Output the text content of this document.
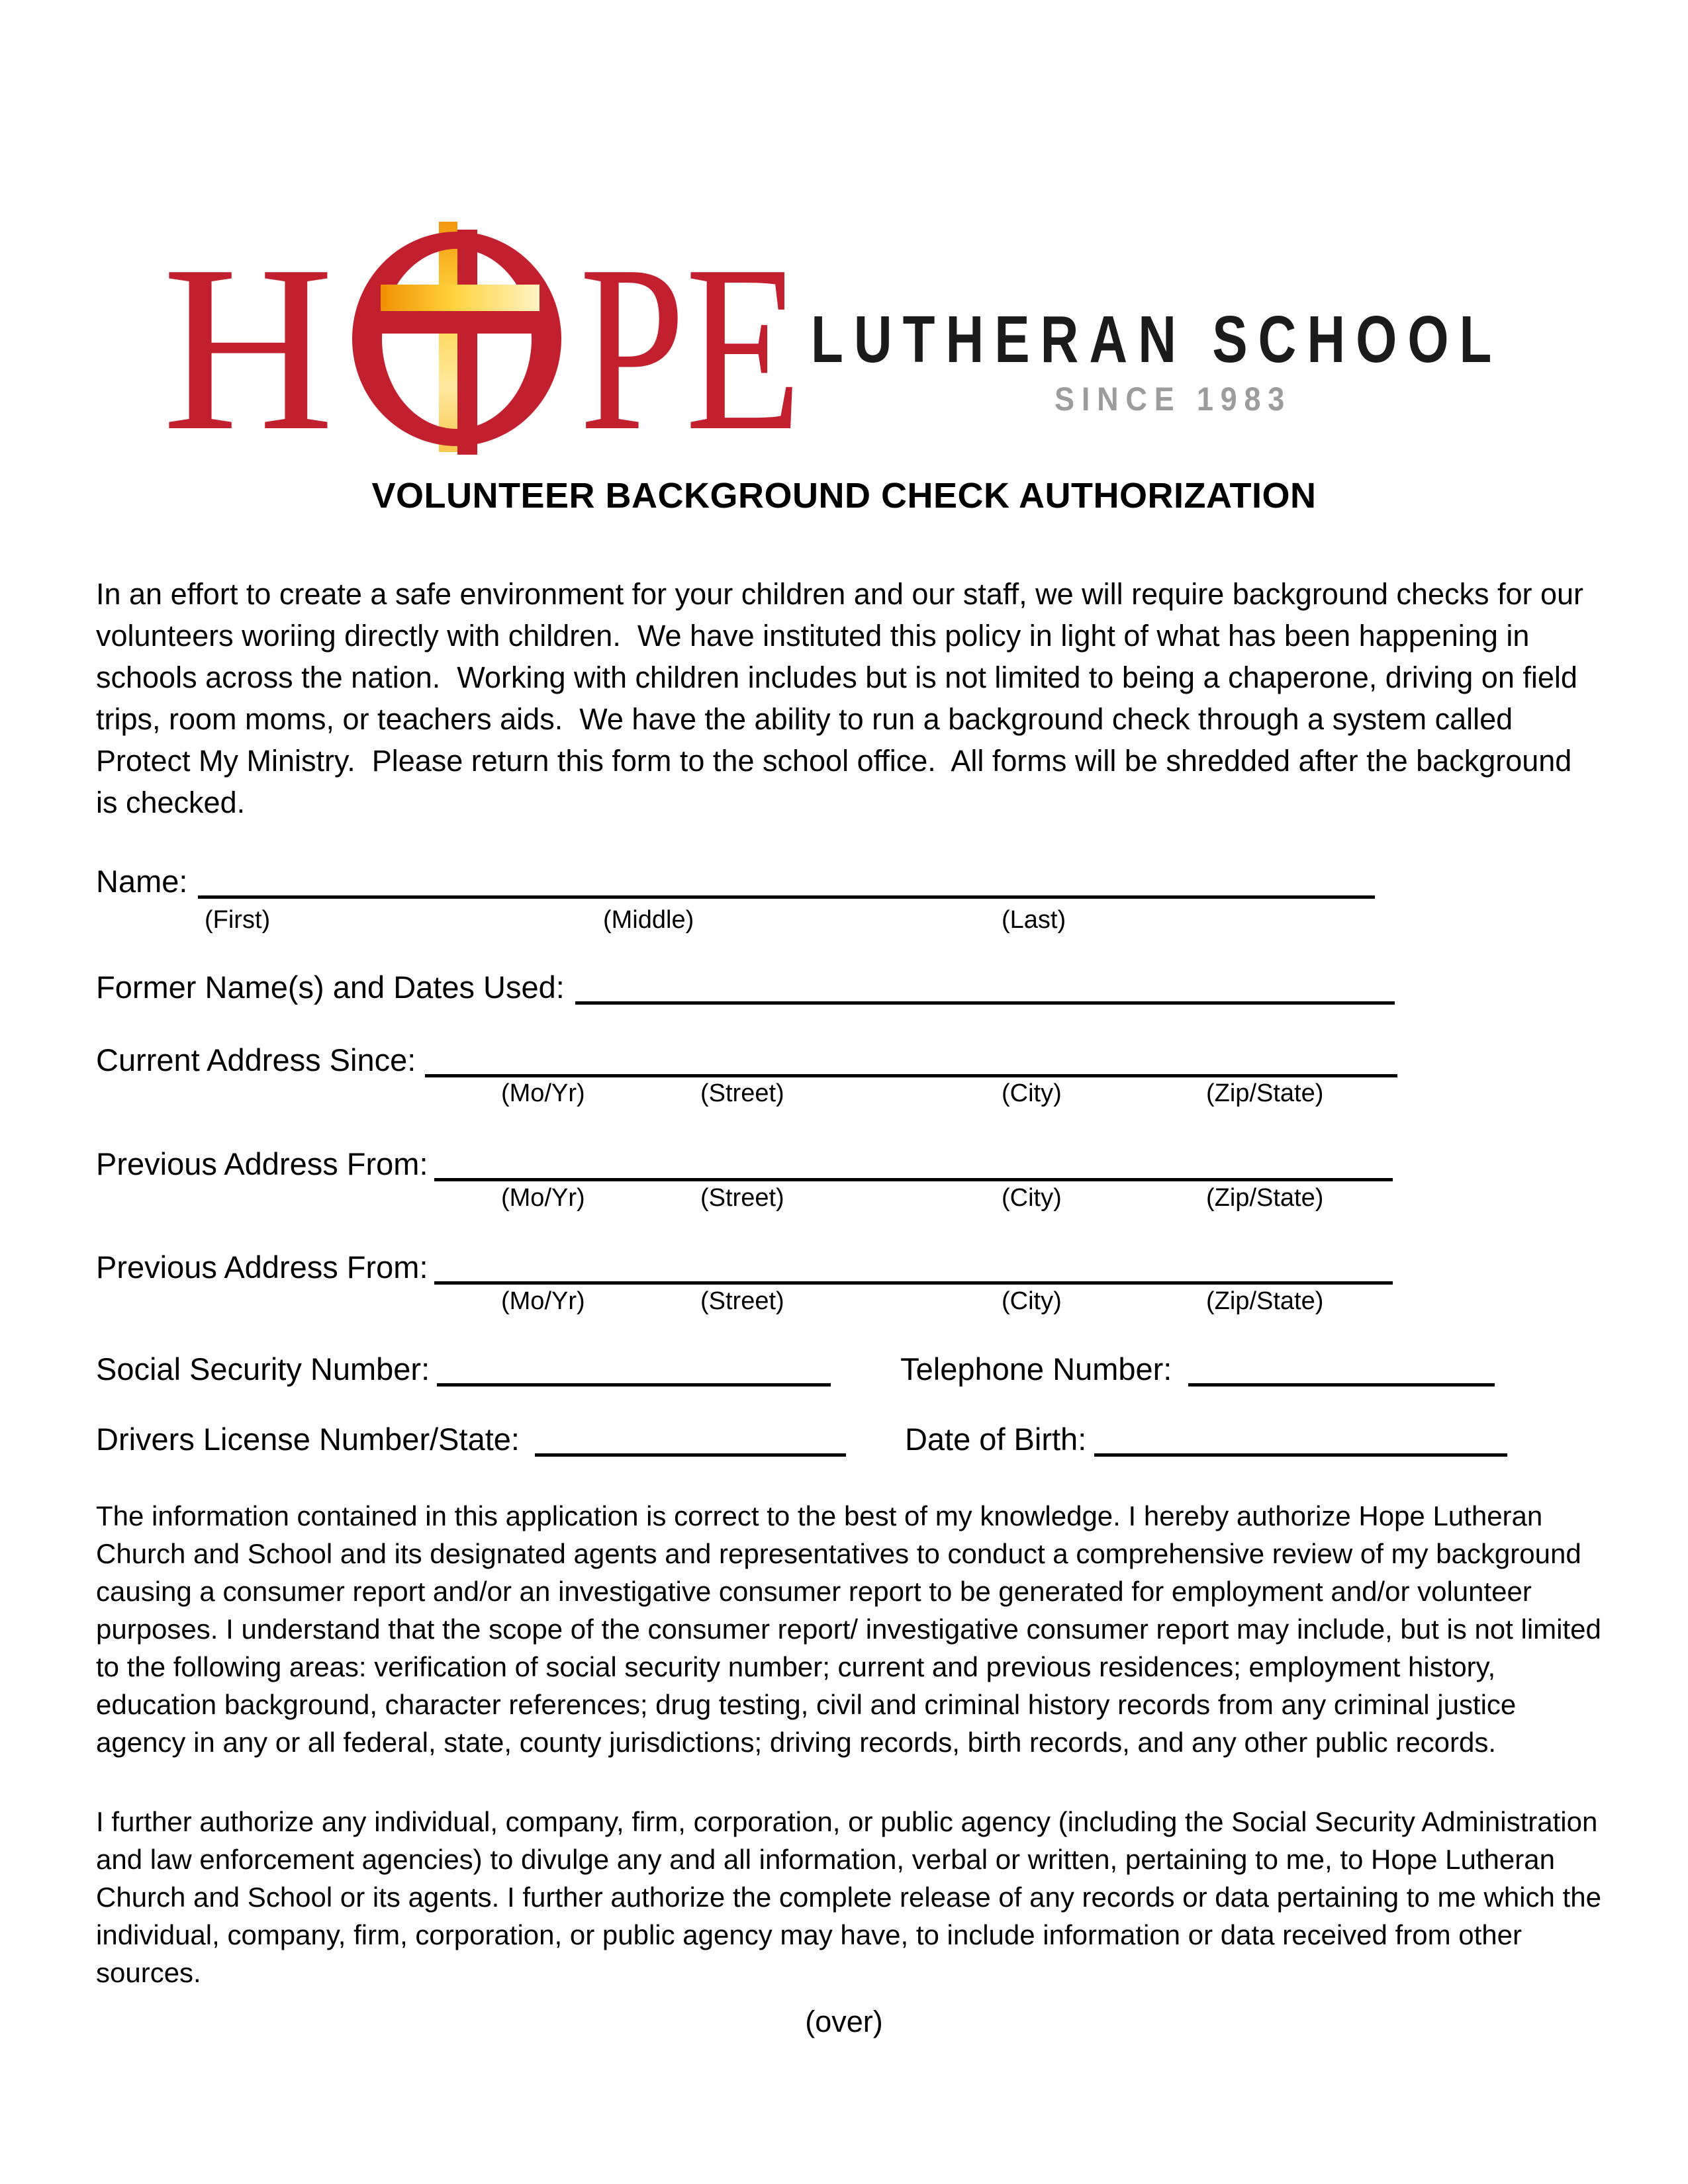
H PE LUTHERAN SCHOOL
SINCE 1983
VOLUNTEER BACKGROUND CHECK AUTHORIZATION
In an effort to create a safe environment for your children and our staff, we will require background checks for our volunteers woriing directly with children.  We have instituted this policy in light of what has been happening in schools across the nation.  Working with children includes but is not limited to being a chaperone, driving on field trips, room moms, or teachers aids.  We have the ability to run a background check through a system called Protect My Ministry.  Please return this form to the school office.  All forms will be shredded after the background is checked.
Name:
(First)	(Middle)	(Last)
Former Name(s) and Dates Used:
Current Address Since:
(Mo/Yr)	(Street)	(City)	(Zip/State)
Previous Address From:
(Mo/Yr)	(Street)	(City)	(Zip/State)
Previous Address From:
(Mo/Yr)	(Street)	(City)	(Zip/State)
Social Security Number:	Telephone Number:
Drivers License Number/State:	Date of Birth:
The information contained in this application is correct to the best of my knowledge. I hereby authorize Hope Lutheran Church and School and its designated agents and representatives to conduct a comprehensive review of my background causing a consumer report and/or an investigative consumer report to be generated for employment and/or volunteer purposes. I understand that the scope of the consumer report/ investigative consumer report may include, but is not limited to the following areas: verification of social security number; current and previous residences; employment history, education background, character references; drug testing, civil and criminal history records from any criminal justice agency in any or all federal, state, county jurisdictions; driving records, birth records, and any other public records.
I further authorize any individual, company, firm, corporation, or public agency (including the Social Security Administration and law enforcement agencies) to divulge any and all information, verbal or written, pertaining to me, to Hope Lutheran Church and School or its agents. I further authorize the complete release of any records or data pertaining to me which the individual, company, firm, corporation, or public agency may have, to include information or data received from other sources.
(over)
